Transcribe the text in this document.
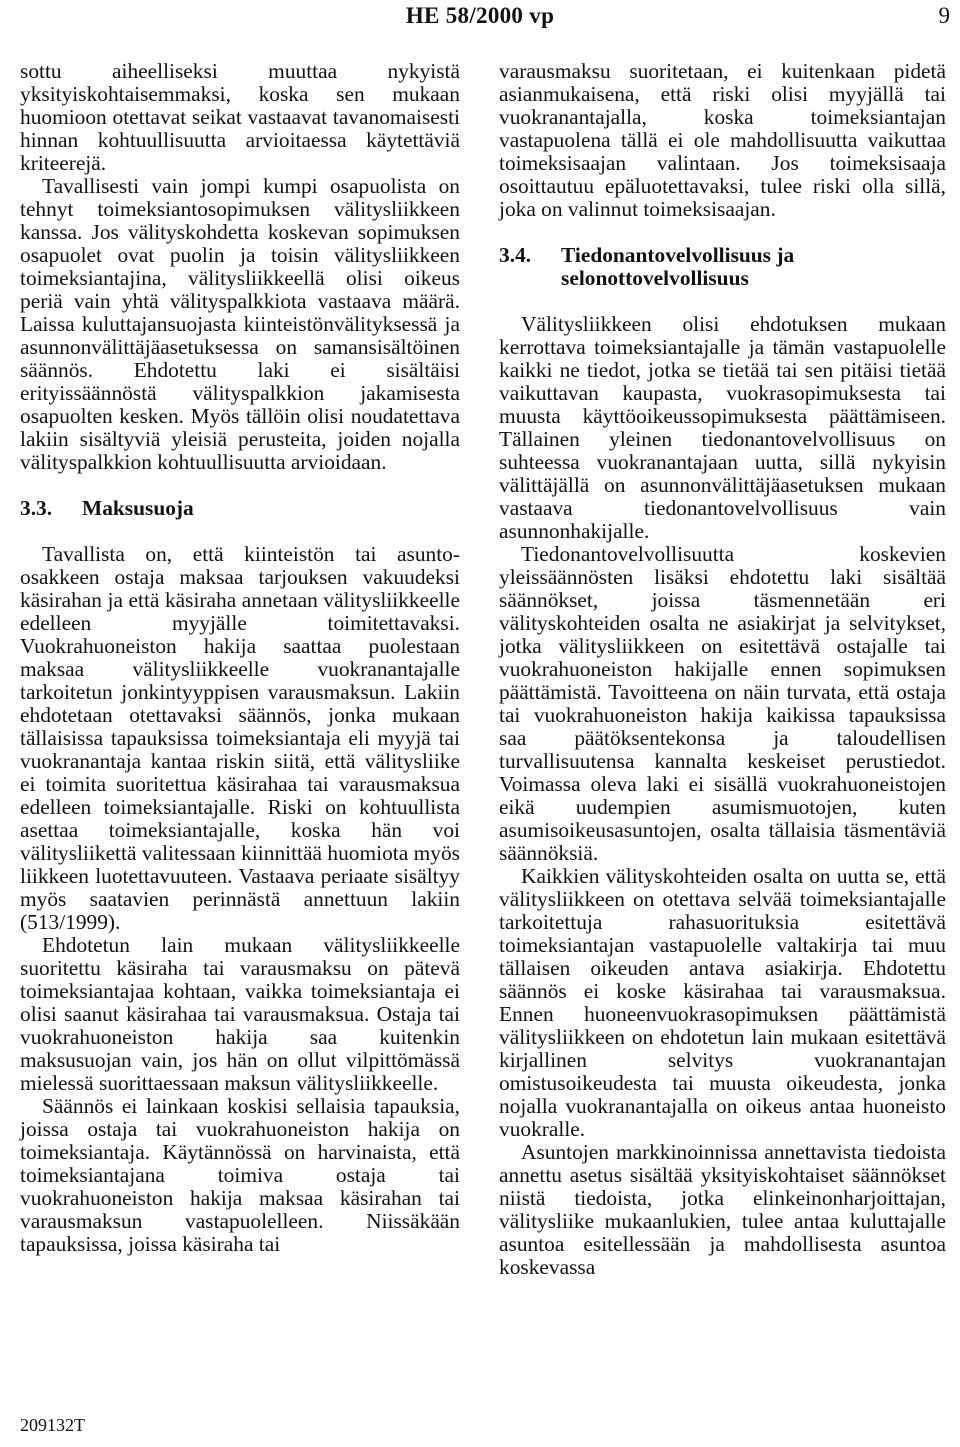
HE 58/2000 vp	9

sottu aiheelliseksi muuttaa nykyistä yksityiskohtaisemmaksi, koska sen mukaan huomioon otettavat seikat vastaavat tavanomaisesti hinnan kohtuullisuutta arvioitaessa käytettäviä kriteerejä.

Tavallisesti vain jompi kumpi osapuolista on tehnyt toimeksiantosopimuksen välitysliikkeen kanssa. Jos välityskohdetta koskevan sopimuksen osapuolet ovat puolin ja toisin välitysliikkeen toimeksiantajina, välitysliikkeellä olisi oikeus periä vain yhtä välityspalkkiota vastaava määrä. Laissa kuluttajansuojasta kiinteistönvälityksessä ja asunnonvälittäjäasetuksessa on samansisältöinen säännös. Ehdotettu laki ei sisältäisi erityissäännöstä välityspalkkion jakamisesta osapuolten kesken. Myös tällöin olisi noudatettava lakiin sisältyviä yleisiä perusteita, joiden nojalla välityspalkkion kohtuullisuutta arvioidaan.

3.3.	Maksusuoja

Tavallista on, että kiinteistön tai asunto-osakkeen ostaja maksaa tarjouksen vakuudeksi käsirahan ja että käsiraha annetaan välitysliikkeelle edelleen myyjälle toimitettavaksi. Vuokrahuoneiston hakija saattaa puolestaan maksaa välitysliikkeelle vuokranantajalle tarkoitetun jonkintyyppisen varausmaksun. Lakiin ehdotetaan otettavaksi säännös, jonka mukaan tällaisissa tapauksissa toimeksiantaja eli myyjä tai vuokranantaja kantaa riskin siitä, että välitysliike ei toimita suoritettua käsirahaa tai varausmaksua edelleen toimeksiantajalle. Riski on kohtuullista asettaa toimeksiantajalle, koska hän voi välitysliikettä valitessaan kiinnittää huomiota myös liikkeen luotettavuuteen. Vastaava periaate sisältyy myös saatavien perinnästä annettuun lakiin (513/1999).

Ehdotetun lain mukaan välitysliikkeelle suoritettu käsiraha tai varausmaksu on pätevä toimeksiantajaa kohtaan, vaikka toimeksiantaja ei olisi saanut käsirahaa tai varausmaksua. Ostaja tai vuokrahuoneiston hakija saa kuitenkin maksusuojan vain, jos hän on ollut vilpittömässä mielessä suorittaessaan maksun välitysliikkeelle.

Säännös ei lainkaan koskisi sellaisia tapauksia, joissa ostaja tai vuokrahuoneiston hakija on toimeksiantaja. Käytännössä on harvinaista, että toimeksiantajana toimiva ostaja tai vuokrahuoneiston hakija maksaa käsirahan tai varausmaksun vastapuolelleen. Niissäkään tapauksissa, joissa käsiraha tai

varausmaksu suoritetaan, ei kuitenkaan pidetä asianmukaisena, että riski olisi myyjällä tai vuokranantajalla, koska toimeksiantajan vastapuolena tällä ei ole mahdollisuutta vaikuttaa toimeksisaajan valintaan. Jos toimeksisaaja osoittautuu epäluotettavaksi, tulee riski olla sillä, joka on valinnut toimeksisaajan.

3.4.	Tiedonantovelvollisuus ja selonottovelvollisuus

Välitysliikkeen olisi ehdotuksen mukaan kerrottava toimeksiantajalle ja tämän vastapuolelle kaikki ne tiedot, jotka se tietää tai sen pitäisi tietää vaikuttavan kaupasta, vuokrasopimuksesta tai muusta käyttöoikeussopimuksesta päättämiseen. Tällainen yleinen tiedonantovelvollisuus on suhteessa vuokranantajaan uutta, sillä nykyisin välittäjällä on asunnonvälittäjäasetuksen mukaan vastaava tiedonantovelvollisuus vain asunnonhakijalle.

Tiedonantovelvollisuutta koskevien yleissäännösten lisäksi ehdotettu laki sisältää säännökset, joissa täsmennetään eri välityskohteiden osalta ne asiakirjat ja selvitykset, jotka välitysliikkeen on esitettävä ostajalle tai vuokrahuoneiston hakijalle ennen sopimuksen päättämistä. Tavoitteena on näin turvata, että ostaja tai vuokrahuoneiston hakija kaikissa tapauksissa saa päätöksentekonsa ja taloudellisen turvallisuutensa kannalta keskeiset perustiedot. Voimassa oleva laki ei sisällä vuokrahuoneistojen eikä uudempien asumismuotojen, kuten asumisoikeusasuntojen, osalta tällaisia täsmentäviä säännöksiä.

Kaikkien välityskohteiden osalta on uutta se, että välitysliikkeen on otettava selvää toimeksiantajalle tarkoitettuja rahasuorituksia esitettävä toimeksiantajan vastapuolelle valtakirja tai muu tällaisen oikeuden antava asiakirja. Ehdotettu säännös ei koske käsirahaa tai varausmaksua. Ennen huoneenvuokrasopimuksen päättämistä välitysliikkeen on ehdotetun lain mukaan esitettävä kirjallinen selvitys vuokranantajan omistusoikeudesta tai muusta oikeudesta, jonka nojalla vuokranantajalla on oikeus antaa huoneisto vuokralle.

Asuntojen markkinoinnissa annettavista tiedoista annettu asetus sisältää yksityiskohtaiset säännökset niistä tiedoista, jotka elinkeinonharjoittajan, välitysliike mukaanlukien, tulee antaa kuluttajalle asuntoa esitellessään ja mahdollisesta asuntoa koskevassa

209132T
